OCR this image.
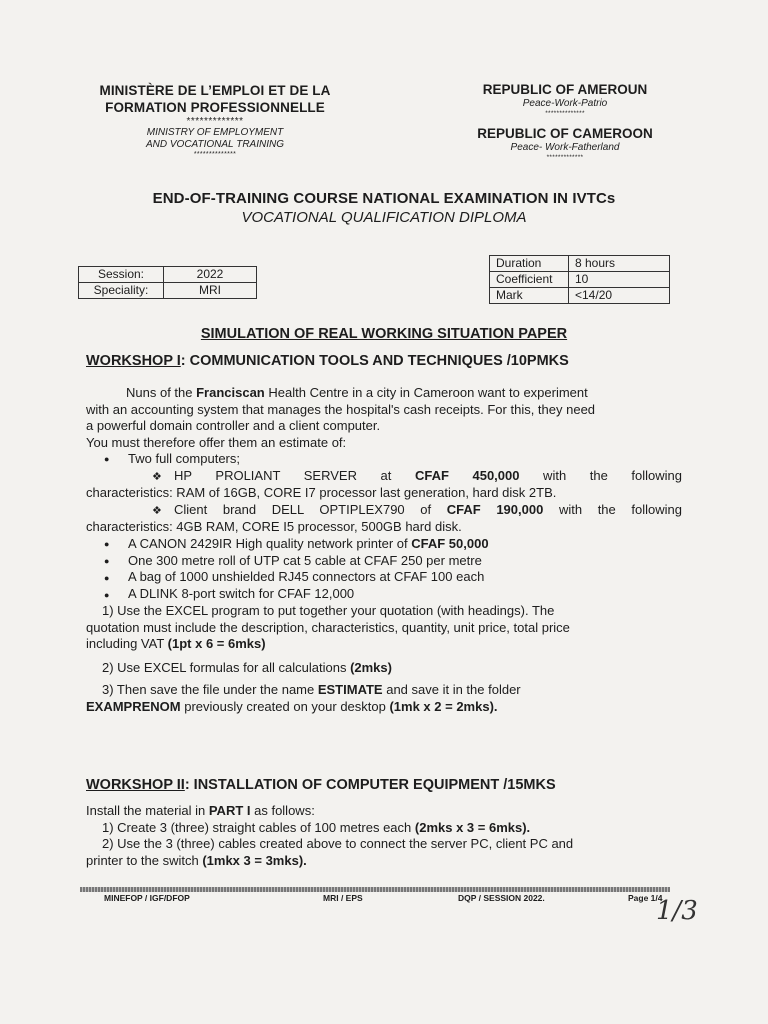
MINISTÈRE DE L’EMPLOI ET DE LA
FORMATION PROFESSIONNELLE
*************
MINISTRY OF EMPLOYMENT
AND VOCATIONAL TRAINING
**************
REPUBLIC OF AMEROUN
Peace-Work-Patrio
**************
REPUBLIC OF CAMEROON
Peace- Work-Fatherland
*************
END-OF-TRAINING COURSE NATIONAL EXAMINATION IN IVTCs
VOCATIONAL QUALIFICATION DIPLOMA
Session:	2022
Speciality:	MRI
Duration	8 hours
Coefficient	10
Mark	<14/20
SIMULATION OF REAL WORKING SITUATION PAPER
WORKSHOP I: COMMUNICATION TOOLS AND TECHNIQUES /10PMKS
Nuns of the Franciscan Health Centre in a city in Cameroon want to experiment
with an accounting system that manages the hospital's cash receipts. For this, they need
a powerful domain controller and a client computer.
You must therefore offer them an estimate of:
● Two full computers;
❖ HP PROLIANT SERVER at CFAF 450,000 with the following
characteristics: RAM of 16GB, CORE I7 processor last generation, hard disk 2TB.
❖ Client brand DELL OPTIPLEX790 of CFAF 190,000 with the following
characteristics: 4GB RAM, CORE I5 processor, 500GB hard disk.
● A CANON 2429IR High quality network printer of CFAF 50,000
● One 300 metre roll of UTP cat 5 cable at CFAF 250 per metre
● A bag of 1000 unshielded RJ45 connectors at CFAF 100 each
● A DLINK 8-port switch for CFAF 12,000
1) Use the EXCEL program to put together your quotation (with headings). The
quotation must include the description, characteristics, quantity, unit price, total price
including VAT (1pt x 6 = 6mks)
2) Use EXCEL formulas for all calculations (2mks)
3) Then save the file under the name ESTIMATE and save it in the folder
EXAMPRENOM previously created on your desktop (1mk x 2 = 2mks).
WORKSHOP II: INSTALLATION OF COMPUTER EQUIPMENT /15MKS
Install the material in PART I as follows:
1) Create 3 (three) straight cables of 100 metres each (2mks x 3 = 6mks).
2) Use the 3 (three) cables created above to connect the server PC, client PC and
printer to the switch (1mkx 3 = 3mks).
MINEFOP / IGF/DFOP	MRI / EPS	DQP / SESSION 2022.	Page 1/4
1/3
